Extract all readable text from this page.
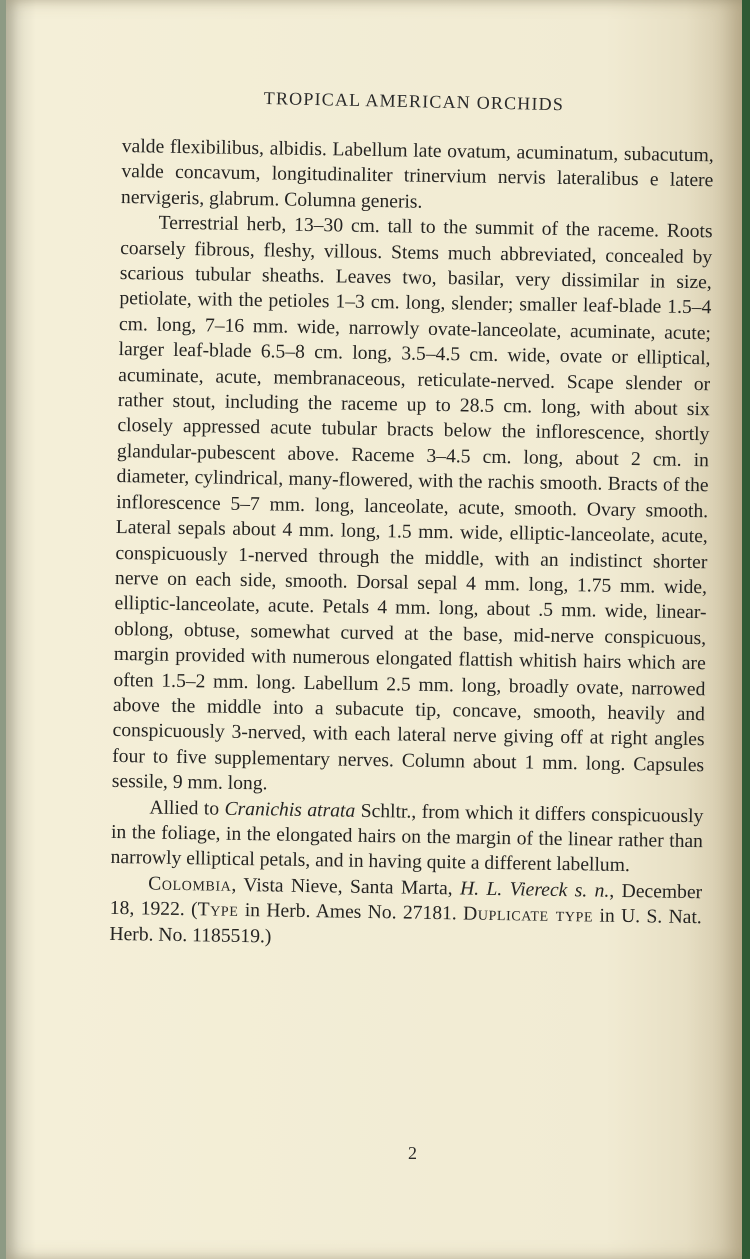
TROPICAL AMERICAN ORCHIDS

valde flexibilibus, albidis. Labellum late ovatum, acuminatum, subacutum, valde concavum, longitudinaliter trinervium nervis lateralibus e latere nervigeris, glabrum. Columna generis.

Terrestrial herb, 13–30 cm. tall to the summit of the raceme. Roots coarsely fibrous, fleshy, villous. Stems much abbreviated, concealed by scarious tubular sheaths. Leaves two, basilar, very dissimilar in size, petiolate, with the petioles 1–3 cm. long, slender; smaller leaf-blade 1.5–4 cm. long, 7–16 mm. wide, narrowly ovate-lanceolate, acuminate, acute; larger leaf-blade 6.5–8 cm. long, 3.5–4.5 cm. wide, ovate or elliptical, acuminate, acute, membranaceous, reticulate-nerved. Scape slender or rather stout, including the raceme up to 28.5 cm. long, with about six closely appressed acute tubular bracts below the inflorescence, shortly glandular-pubescent above. Raceme 3–4.5 cm. long, about 2 cm. in diameter, cylindrical, many-flowered, with the rachis smooth. Bracts of the inflorescence 5–7 mm. long, lanceolate, acute, smooth. Ovary smooth. Lateral sepals about 4 mm. long, 1.5 mm. wide, elliptic-lanceolate, acute, conspicuously 1-nerved through the middle, with an indistinct shorter nerve on each side, smooth. Dorsal sepal 4 mm. long, 1.75 mm. wide, elliptic-lanceolate, acute. Petals 4 mm. long, about .5 mm. wide, linear-oblong, obtuse, somewhat curved at the base, mid-nerve conspicuous, margin provided with numerous elongated flattish whitish hairs which are often 1.5–2 mm. long. Labellum 2.5 mm. long, broadly ovate, narrowed above the middle into a subacute tip, concave, smooth, heavily and conspicuously 3-nerved, with each lateral nerve giving off at right angles four to five supplementary nerves. Column about 1 mm. long. Capsules sessile, 9 mm. long.

Allied to Cranichis atrata Schltr., from which it differs conspicuously in the foliage, in the elongated hairs on the margin of the linear rather than narrowly elliptical petals, and in having quite a different labellum.

Colombia, Vista Nieve, Santa Marta, H. L. Viereck s. n., December 18, 1922. (Type in Herb. Ames No. 27181. Duplicate type in U. S. Nat. Herb. No. 1185519.)

2
